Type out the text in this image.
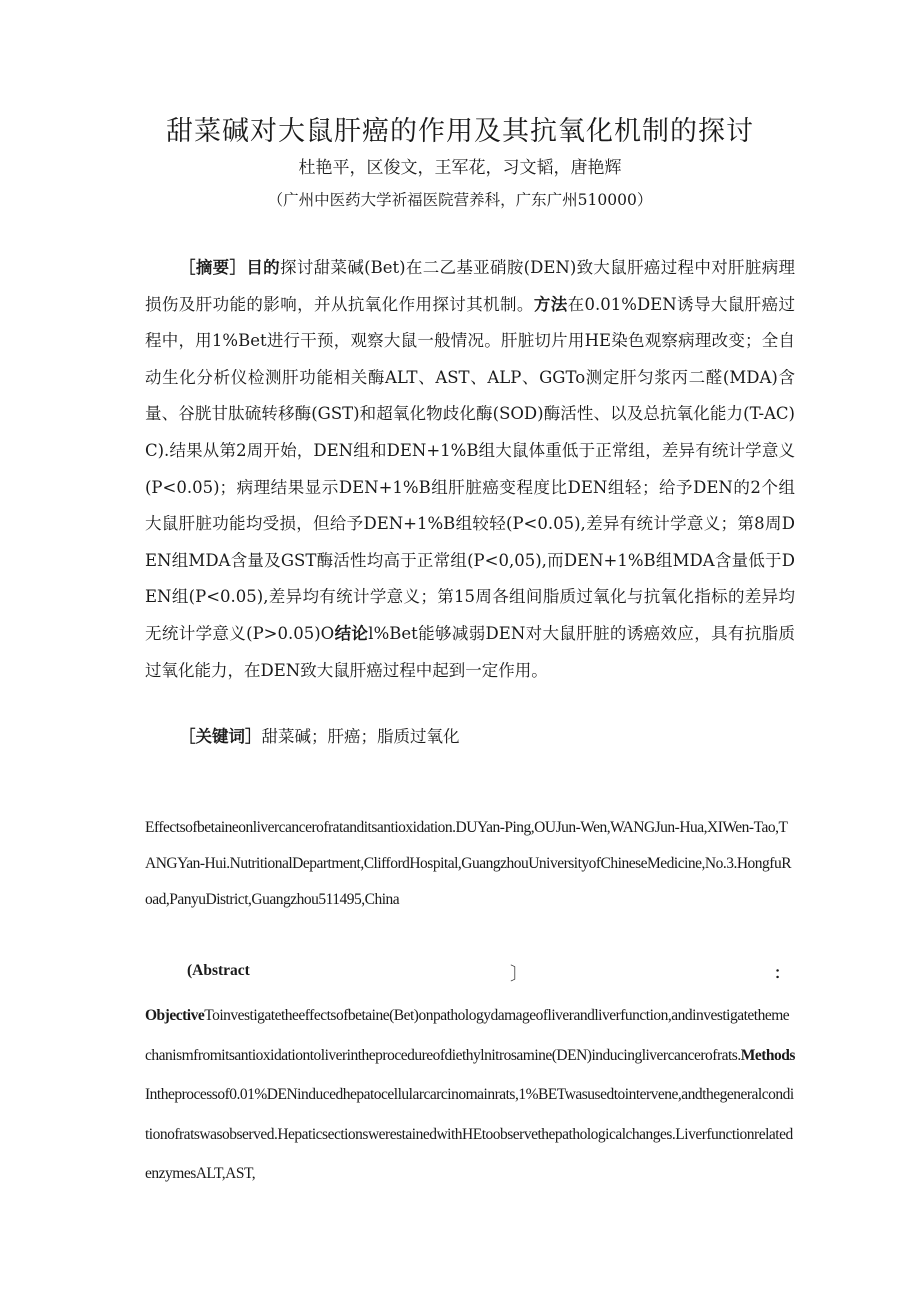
甜菜碱对大鼠肝癌的作用及其抗氧化机制的探讨
杜艳平，区俊文，王军花，习文韬，唐艳辉
（广州中医药大学祈福医院营养科，广东广州510000）
［摘要］目的探讨甜菜碱(Bet)在二乙基亚硝胺(DEN)致大鼠肝癌过程中对肝脏病理损伤及肝功能的影响，并从抗氧化作用探讨其机制。方法在0.01%DEN诱导大鼠肝癌过程中，用1%Bet进行干预，观察大鼠一般情况。肝脏切片用HE染色观察病理改变；全自动生化分析仪检测肝功能相关酶ALT、AST、ALP、GGTo测定肝匀浆丙二醛(MDA)含量、谷胱甘肽硫转移酶(GST)和超氧化物歧化酶(SOD)酶活性、以及总抗氧化能力(T-AC)C).结果从第2周开始，DEN组和DEN+1%B组大鼠体重低于正常组，差异有统计学意义(P<0.05)；病理结果显示DEN+1%B组肝脏癌变程度比DEN组轻；给予DEN的2个组大鼠肝脏功能均受损，但给予DEN+1%B组较轻(P<0.05),差异有统计学意义；第8周DEN组MDA含量及GST酶活性均高于正常组(P<0,05),而DEN+1%B组MDA含量低于DEN组(P<0.05),差异均有统计学意义；第15周各组间脂质过氧化与抗氧化指标的差异均无统计学意义(P>0.05)O结论l%Bet能够减弱DEN对大鼠肝脏的诱癌效应，具有抗脂质过氧化能力，在DEN致大鼠肝癌过程中起到一定作用。
［关键词］甜菜碱；肝癌；脂质过氧化
Effectsofbetaineonlivercancerofratanditsantioxidation.DUYan-Ping,OUJun-Wen,WANGJun-Hua,XIWen-Tao,TANGYan-Hui.NutritionalDepartment,CliffordHospital,GuangzhouUniversityofChineseMedicine,No.3.HongfuRoad,PanyuDistrict,Guangzhou511495,China
(Abstract	〕	：
ObjectiveToinvestigatetheeffectsofbetaine(Bet)onpathologydamageofliverandliverfunction,andinvestigatethemechanismfromitsantioxidationtoliverintheprocedureofdiethylnitrosamine(DEN)inducinglivercancerofrats.MethodsIntheprocessof0.01%DENinducedhepatocellularcarcinomainrats,1%BETwasusedtointervene,andthegeneralconditionofratswasobserved.HepaticsectionswerestainedwithHEtoobservethepathologicalchanges.LiverfunctionrelatedenzymesALT,AST,
